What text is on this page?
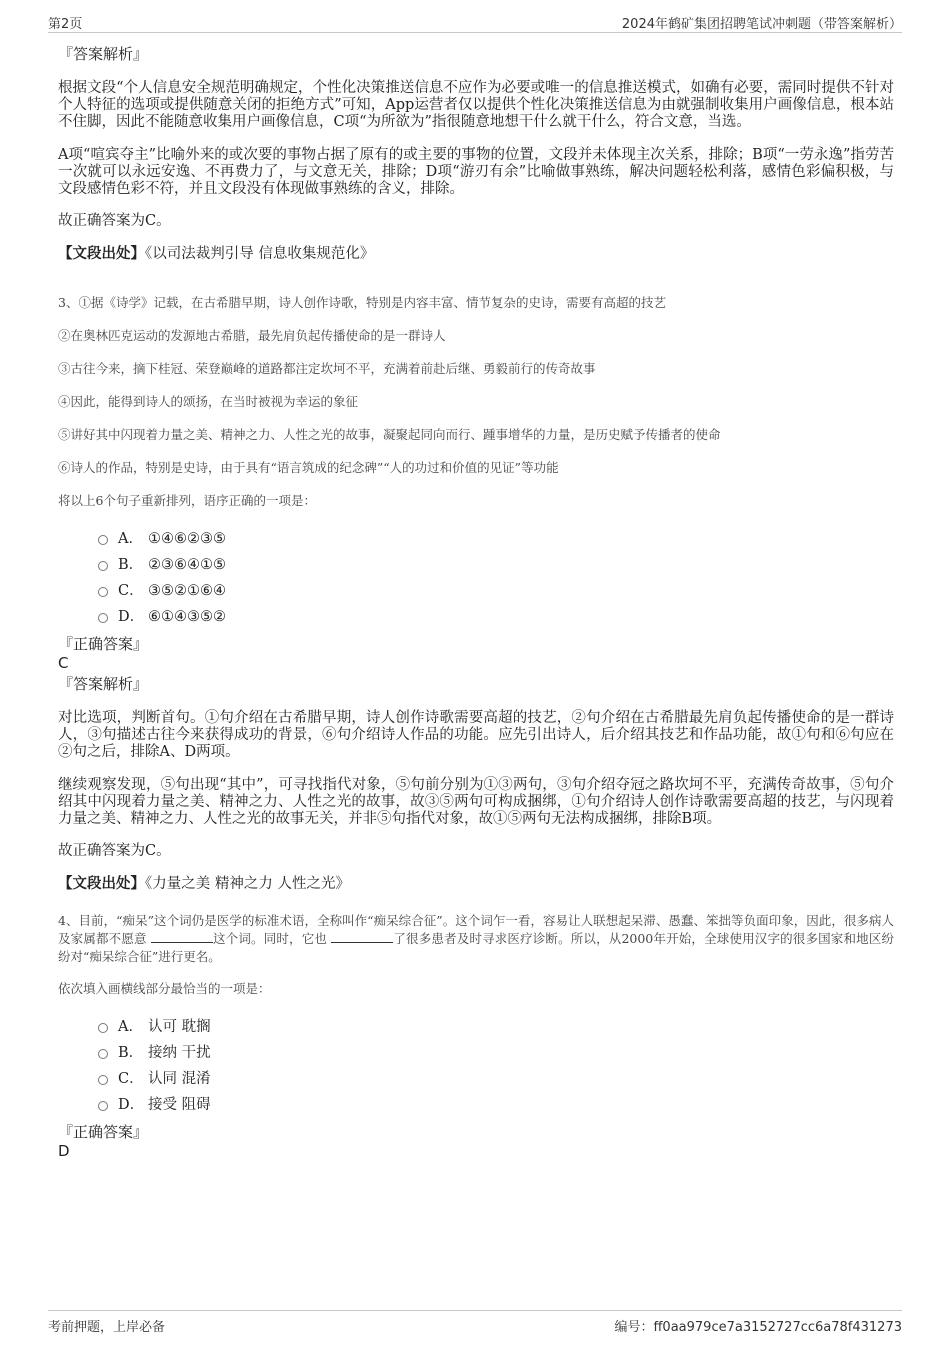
第2页	2024年鹤矿集团招聘笔试冲刺题（带答案解析）

『答案解析』

根据文段“个人信息安全规范明确规定，个性化决策推送信息不应作为必要或唯一的信息推送模式，如确有必要，需同时提供不针对个人特征的选项或提供随意关闭的拒绝方式”可知，App运营者仅以提供个性化决策推送信息为由就强制收集用户画像信息，根本站不住脚，因此不能随意收集用户画像信息，C项“为所欲为”指很随意地想干什么就干什么，符合文意，当选。

A项“喧宾夺主”比喻外来的或次要的事物占据了原有的或主要的事物的位置，文段并未体现主次关系，排除；B项“一劳永逸”指劳苦一次就可以永远安逸、不再费力了，与文意无关，排除；D项“游刃有余”比喻做事熟练，解决问题轻松利落，感情色彩偏积极，与文段感情色彩不符，并且文段没有体现做事熟练的含义，排除。

故正确答案为C。

【文段出处】《以司法裁判引导 信息收集规范化》

3、①据《诗学》记载，在古希腊早期，诗人创作诗歌，特别是内容丰富、情节复杂的史诗，需要有高超的技艺

②在奥林匹克运动的发源地古希腊，最先肩负起传播使命的是一群诗人

③古往今来，摘下桂冠、荣登巅峰的道路都注定坎坷不平，充满着前赴后继、勇毅前行的传奇故事

④因此，能得到诗人的颂扬，在当时被视为幸运的象征

⑤讲好其中闪现着力量之美、精神之力、人性之光的故事，凝聚起同向而行、踵事增华的力量，是历史赋予传播者的使命

⑥诗人的作品，特别是史诗，由于具有“语言筑成的纪念碑”“人的功过和价值的见证”等功能

将以上6个句子重新排列，语序正确的一项是：

A． ①④⑥②③⑤
B． ②③⑥④①⑤
C． ③⑤②①⑥④
D． ⑥①④③⑤②

『正确答案』

C

『答案解析』

对比选项，判断首句。①句介绍在古希腊早期，诗人创作诗歌需要高超的技艺，②句介绍在古希腊最先肩负起传播使命的是一群诗人，③句描述古往今来获得成功的背景，⑥句介绍诗人作品的功能。应先引出诗人，后介绍其技艺和作品功能，故①句和⑥句应在②句之后，排除A、D两项。

继续观察发现，⑤句出现“其中”，可寻找指代对象，⑤句前分别为①③两句，③句介绍夺冠之路坎坷不平，充满传奇故事，⑤句介绍其中闪现着力量之美、精神之力、人性之光的故事，故③⑤两句可构成捆绑，①句介绍诗人创作诗歌需要高超的技艺，与闪现着力量之美、精神之力、人性之光的故事无关，并非⑤句指代对象，故①⑤两句无法构成捆绑，排除B项。

故正确答案为C。

【文段出处】《力量之美 精神之力 人性之光》

4、目前，“痴呆”这个词仍是医学的标准术语，全称叫作“痴呆综合征”。这个词乍一看，容易让人联想起呆滞、愚蠢、笨拙等负面印象，因此，很多病人及家属都不愿意	这个词。同时，它也	了很多患者及时寻求医疗诊断。所以，从2000年开始，全球使用汉字的很多国家和地区纷纷对“痴呆综合征”进行更名。

依次填入画横线部分最恰当的一项是：

A． 认可 耽搁
B． 接纳 干扰
C． 认同 混淆
D． 接受 阻碍

『正确答案』

D

考前押题，上岸必备	编号：ff0aa979ce7a3152727cc6a78f431273
